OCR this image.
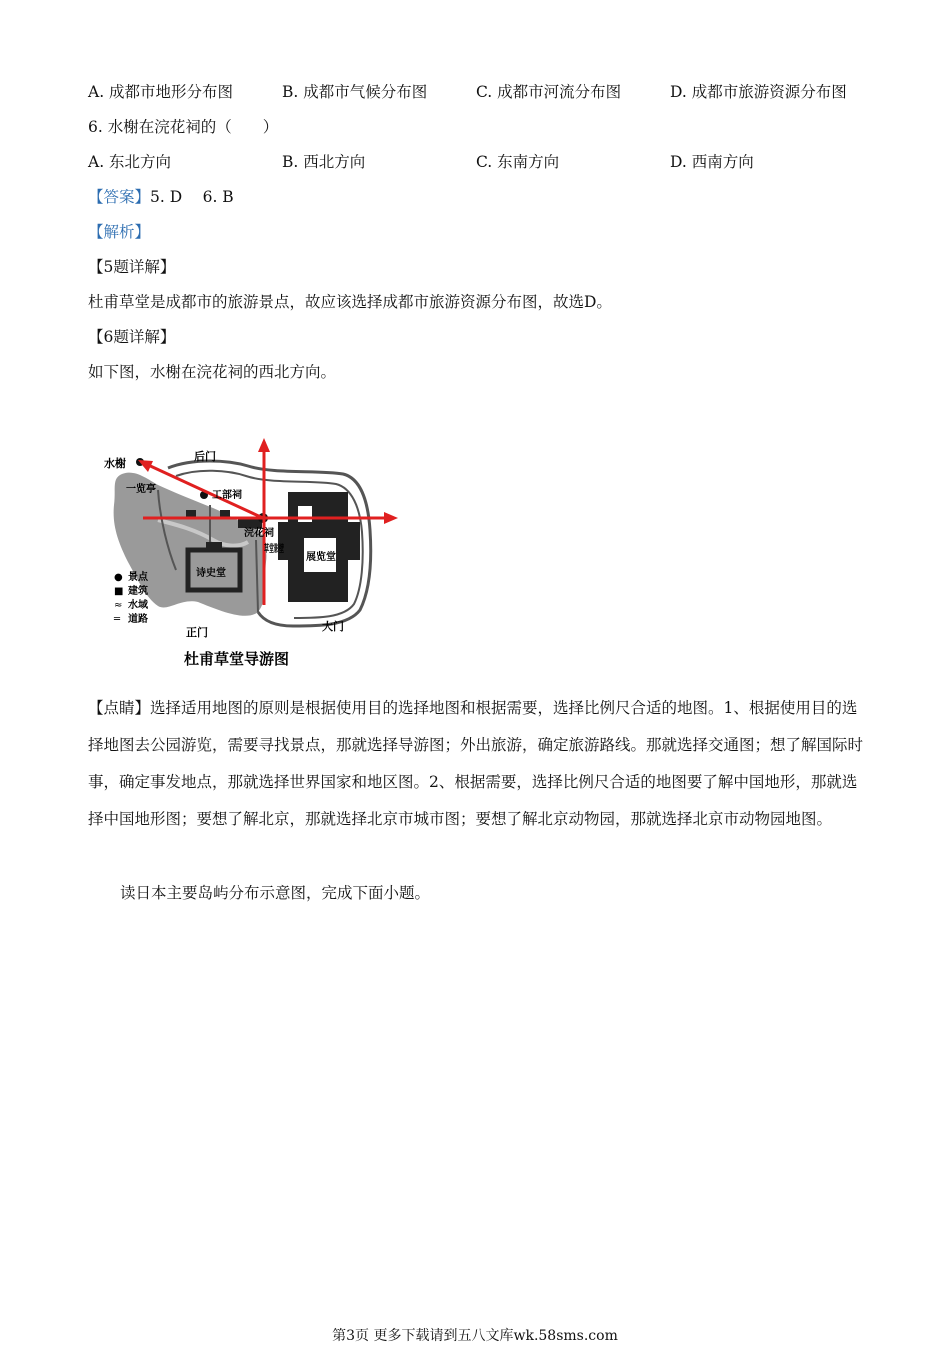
A. 成都市地形分布图	B. 成都市气候分布图	C. 成都市河流分布图	D. 成都市旅游资源分布图
6. 水榭在浣花祠的（　　）
A. 东北方向	B. 西北方向	C. 东南方向	D. 西南方向
【答案】5. D　 6. B
【解析】
【5题详解】
杜甫草堂是成都市的旅游景点，故应该选择成都市旅游资源分布图，故选D。
【6题详解】
如下图，水榭在浣花祠的西北方向。
水榭
后门
一览亭
工部祠
浣花祠
诗史堂
展览堂
正门	大门
● 景点
■ 建筑
≈ 水域
═ 道路
杜甫草堂导游图
【点睛】选择适用地图的原则是根据使用目的选择地图和根据需要，选择比例尺合适的地图。1、根据使用目的选择地图去公园游览，需要寻找景点，那就选择导游图；外出旅游，确定旅游路线。那就选择交通图；想了解国际时事，确定事发地点，那就选择世界国家和地区图。2、根据需要，选择比例尺合适的地图要了解中国地形，那就选择中国地形图；要想了解北京，那就选择北京市城市图；要想了解北京动物园，那就选择北京市动物园地图。
读日本主要岛屿分布示意图，完成下面小题。
第3页 更多下载请到五八文库wk.58sms.com
